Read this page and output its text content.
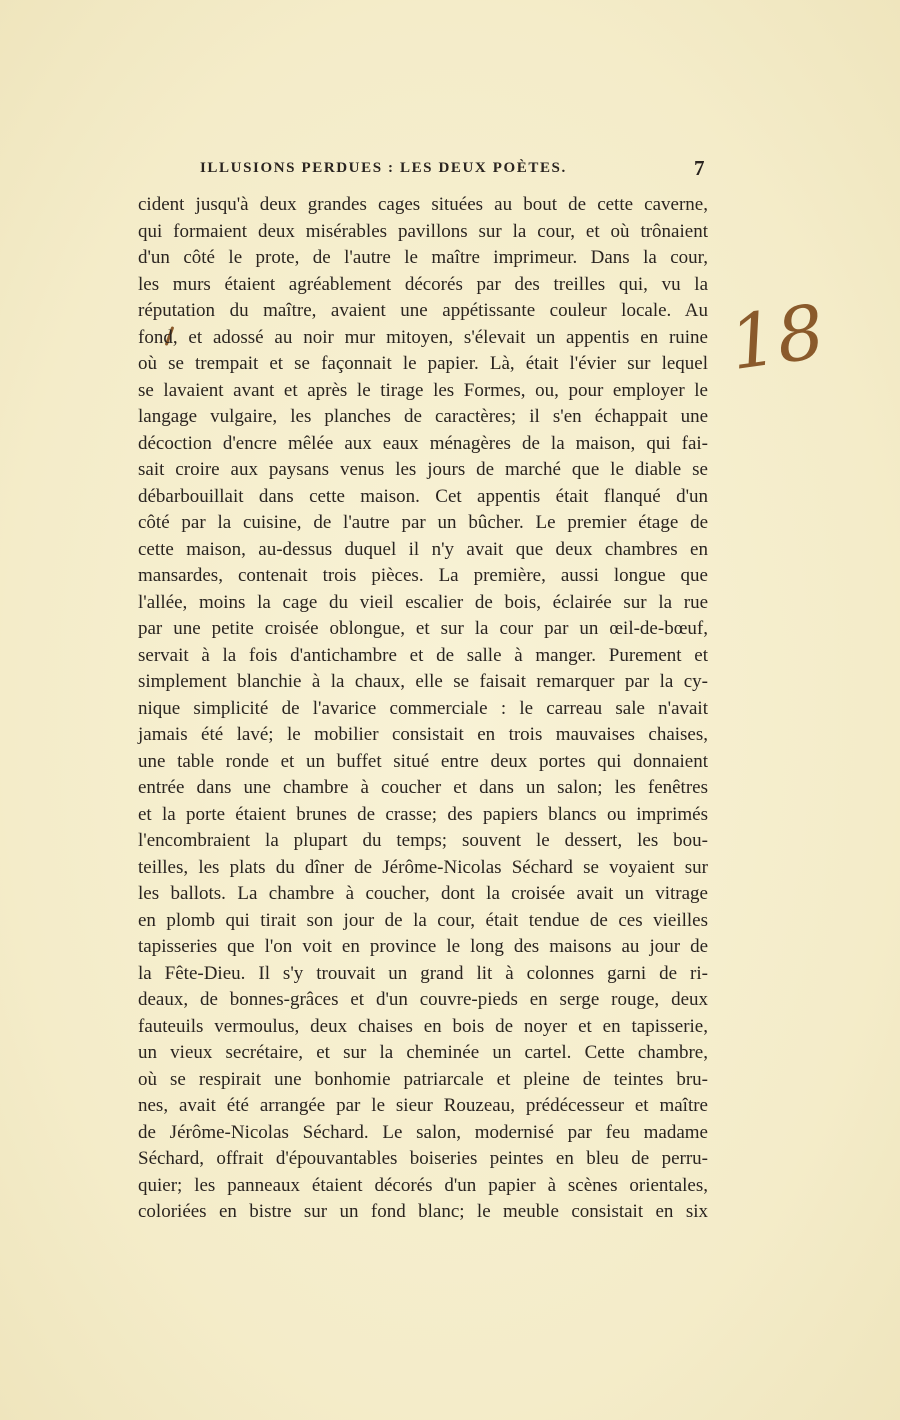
ILLUSIONS PERDUES : LES DEUX POÈTES.	7
18
cident jusqu'à deux grandes cages situées au bout de cette caverne,
qui formaient deux misérables pavillons sur la cour, et où trônaient
d'un côté le prote, de l'autre le maître imprimeur. Dans la cour,
les murs étaient agréablement décorés par des treilles qui, vu la
réputation du maître, avaient une appétissante couleur locale. Au
fond, et adossé au noir mur mitoyen, s'élevait un appentis en ruine
où se trempait et se façonnait le papier. Là, était l'évier sur lequel
se lavaient avant et après le tirage les Formes, ou, pour employer le
langage vulgaire, les planches de caractères; il s'en échappait une
décoction d'encre mêlée aux eaux ménagères de la maison, qui fai-
sait croire aux paysans venus les jours de marché que le diable se
débarbouillait dans cette maison. Cet appentis était flanqué d'un
côté par la cuisine, de l'autre par un bûcher. Le premier étage de
cette maison, au-dessus duquel il n'y avait que deux chambres en
mansardes, contenait trois pièces. La première, aussi longue que
l'allée, moins la cage du vieil escalier de bois, éclairée sur la rue
par une petite croisée oblongue, et sur la cour par un œil-de-bœuf,
servait à la fois d'antichambre et de salle à manger. Purement et
simplement blanchie à la chaux, elle se faisait remarquer par la cy-
nique simplicité de l'avarice commerciale : le carreau sale n'avait
jamais été lavé; le mobilier consistait en trois mauvaises chaises,
une table ronde et un buffet situé entre deux portes qui donnaient
entrée dans une chambre à coucher et dans un salon; les fenêtres
et la porte étaient brunes de crasse; des papiers blancs ou imprimés
l'encombraient la plupart du temps; souvent le dessert, les bou-
teilles, les plats du dîner de Jérôme-Nicolas Séchard se voyaient sur
les ballots. La chambre à coucher, dont la croisée avait un vitrage
en plomb qui tirait son jour de la cour, était tendue de ces vieilles
tapisseries que l'on voit en province le long des maisons au jour de
la Fête-Dieu. Il s'y trouvait un grand lit à colonnes garni de ri-
deaux, de bonnes-grâces et d'un couvre-pieds en serge rouge, deux
fauteuils vermoulus, deux chaises en bois de noyer et en tapisserie,
un vieux secrétaire, et sur la cheminée un cartel. Cette chambre,
où se respirait une bonhomie patriarcale et pleine de teintes bru-
nes, avait été arrangée par le sieur Rouzeau, prédécesseur et maître
de Jérôme-Nicolas Séchard. Le salon, modernisé par feu madame
Séchard, offrait d'épouvantables boiseries peintes en bleu de perru-
quier; les panneaux étaient décorés d'un papier à scènes orientales,
coloriées en bistre sur un fond blanc; le meuble consistait en six
